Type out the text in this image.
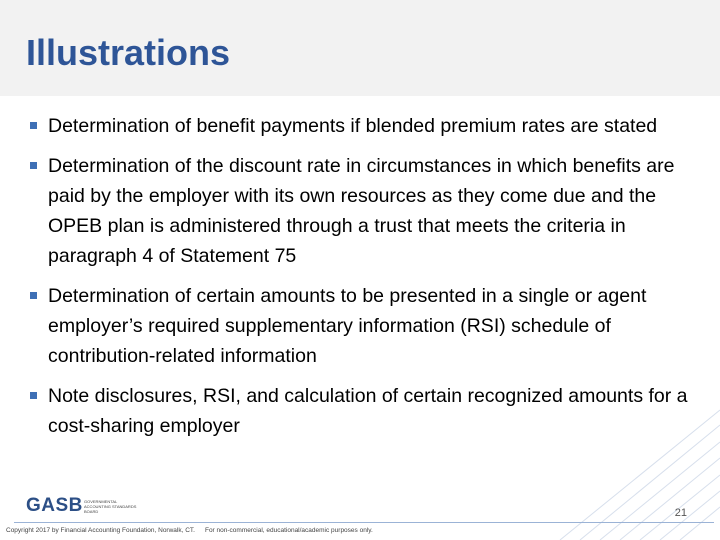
Illustrations
Determination of benefit payments if blended premium rates are stated
Determination of the discount rate in circumstances in which benefits are paid by the employer with its own resources as they come due and the OPEB plan is administered through a trust that meets the criteria in paragraph 4 of Statement 75
Determination of certain amounts to be presented in a single or agent employer’s required supplementary information (RSI) schedule of contribution-related information
Note disclosures, RSI, and calculation of certain recognized amounts for a cost-sharing employer
GASB GOVERNMENTAL ACCOUNTING STANDARDS BOARD	21
Copyright 2017 by Financial Accounting Foundation, Norwalk, CT. For non-commercial, educational/academic purposes only.
